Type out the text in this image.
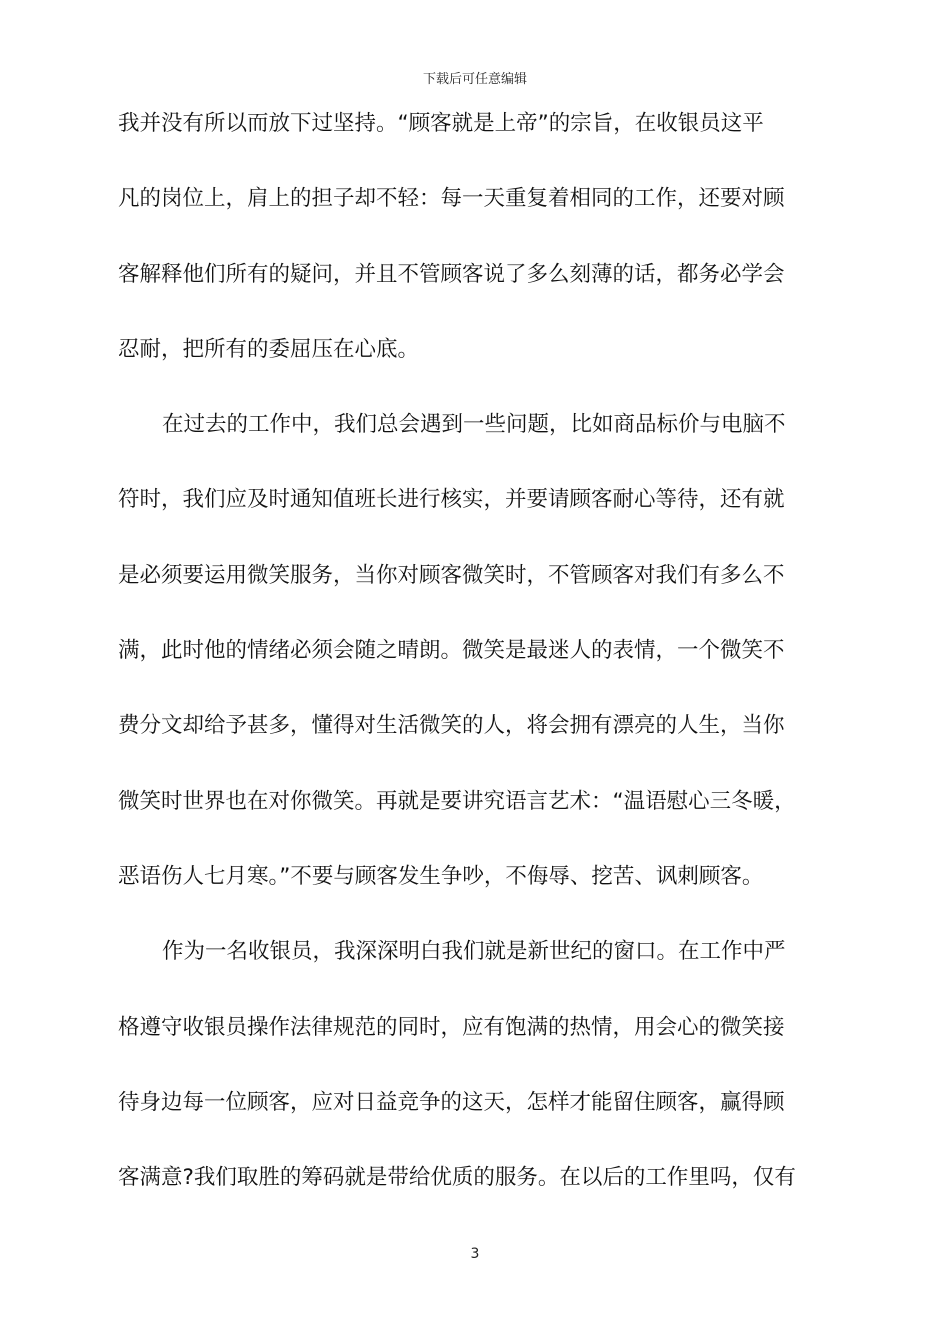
下载后可任意编辑
我并没有所以而放下过坚持。“顾客就是上帝”的宗旨，在收银员这平
凡的岗位上，肩上的担子却不轻：每一天重复着相同的工作，还要对顾
客解释他们所有的疑问，并且不管顾客说了多么刻薄的话，都务必学会
忍耐，把所有的委屈压在心底。
在过去的工作中，我们总会遇到一些问题，比如商品标价与电脑不
符时，我们应及时通知值班长进行核实，并要请顾客耐心等待，还有就
是必须要运用微笑服务，当你对顾客微笑时，不管顾客对我们有多么不
满，此时他的情绪必须会随之晴朗。微笑是最迷人的表情，一个微笑不
费分文却给予甚多，懂得对生活微笑的人，将会拥有漂亮的人生，当你
微笑时世界也在对你微笑。再就是要讲究语言艺术：“温语慰心三冬暖，
恶语伤人七月寒。”不要与顾客发生争吵，不侮辱、挖苦、讽刺顾客。
作为一名收银员，我深深明白我们就是新世纪的窗口。在工作中严
格遵守收银员操作法律规范的同时，应有饱满的热情，用会心的微笑接
待身边每一位顾客，应对日益竞争的这天，怎样才能留住顾客，赢得顾
客满意?我们取胜的筹码就是带给优质的服务。在以后的工作里吗，仅有
3
